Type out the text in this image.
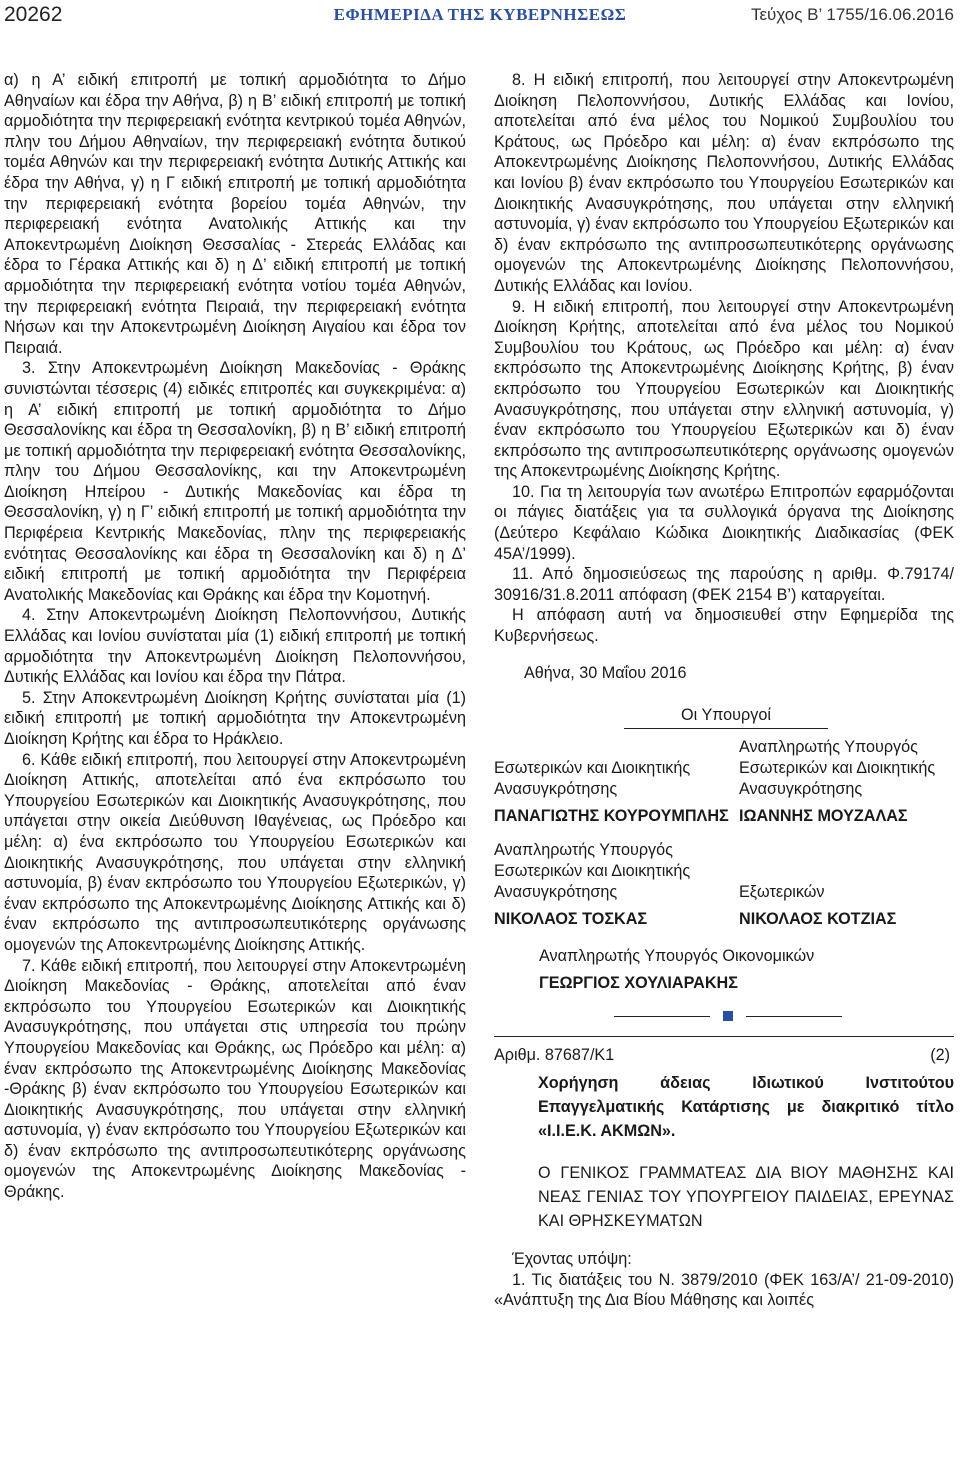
20262	ΕΦΗΜΕΡΙΔΑ ΤΗΣ ΚΥΒΕΡΝΗΣΕΩΣ	Τεύχος Β’ 1755/16.06.2016

α) η Α’ ειδική επιτροπή με τοπική αρμοδιότητα το Δήμο Αθηναίων και έδρα την Αθήνα, β) η Β’ ειδική επιτροπή με τοπική αρμοδιότητα την περιφερειακή ενότητα κεντρικού τομέα Αθηνών, πλην του Δήμου Αθηναίων, την περιφερειακή ενότητα δυτικού τομέα Αθηνών και την περιφερειακή ενότητα Δυτικής Αττικής και έδρα την Αθήνα, γ) η Γ ειδική επιτροπή με τοπική αρμοδιότητα την περιφερειακή ενότητα βορείου τομέα Αθηνών, την περιφερειακή ενότητα Ανατολικής Αττικής και την Αποκεντρωμένη Διοίκηση Θεσσαλίας - Στερεάς Ελλάδας και έδρα το Γέρακα Αττικής και δ) η Δ’ ειδική επιτροπή με τοπική αρμοδιότητα την περιφερειακή ενότητα νοτίου τομέα Αθηνών, την περιφερειακή ενότητα Πειραιά, την περιφερειακή ενότητα Νήσων και την Αποκεντρωμένη Διοίκηση Αιγαίου και έδρα τον Πειραιά.

3. Στην Αποκεντρωμένη Διοίκηση Μακεδονίας - Θράκης συνιστώνται τέσσερις (4) ειδικές επιτροπές και συγκεκριμένα: α) η Α’ ειδική επιτροπή με τοπική αρμοδιότητα το Δήμο Θεσσαλονίκης και έδρα τη Θεσσαλονίκη, β) η Β’ ειδική επιτροπή με τοπική αρμοδιότητα την περιφερειακή ενότητα Θεσσαλονίκης, πλην του Δήμου Θεσσαλονίκης, και την Αποκεντρωμένη Διοίκηση Ηπείρου - Δυτικής Μακεδονίας και έδρα τη Θεσσαλονίκη, γ) η Γ’ ειδική επιτροπή με τοπική αρμοδιότητα την Περιφέρεια Κεντρικής Μακεδονίας, πλην της περιφερειακής ενότητας Θεσσαλονίκης και έδρα τη Θεσσαλονίκη και δ) η Δ’ ειδική επιτροπή με τοπική αρμοδιότητα την Περιφέρεια Ανατολικής Μακεδονίας και Θράκης και έδρα την Κομοτηνή.

4. Στην Αποκεντρωμένη Διοίκηση Πελοποννήσου, Δυτικής Ελλάδας και Ιονίου συνίσταται μία (1) ειδική επιτροπή με τοπική αρμοδιότητα την Αποκεντρωμένη Διοίκηση Πελοποννήσου, Δυτικής Ελλάδας και Ιονίου και έδρα την Πάτρα.

5. Στην Αποκεντρωμένη Διοίκηση Κρήτης συνίσταται μία (1) ειδική επιτροπή με τοπική αρμοδιότητα την Αποκεντρωμένη Διοίκηση Κρήτης και έδρα το Ηράκλειο.

6. Κάθε ειδική επιτροπή, που λειτουργεί στην Αποκεντρωμένη Διοίκηση Αττικής, αποτελείται από ένα εκπρόσωπο του Υπουργείου Εσωτερικών και Διοικητικής Ανασυγκρότησης, που υπάγεται στην οικεία Διεύθυνση Ιθαγένειας, ως Πρόεδρο και μέλη: α) ένα εκπρόσωπο του Υπουργείου Εσωτερικών και Διοικητικής Ανασυγκρότησης, που υπάγεται στην ελληνική αστυνομία, β) έναν εκπρόσωπο του Υπουργείου Εξωτερικών, γ) έναν εκπρόσωπο της Αποκεντρωμένης Διοίκησης Αττικής και δ) έναν εκπρόσωπο της αντιπροσωπευτικότερης οργάνωσης ομογενών της Αποκεντρωμένης Διοίκησης Αττικής.

7. Κάθε ειδική επιτροπή, που λειτουργεί στην Αποκεντρωμένη Διοίκηση Μακεδονίας - Θράκης, αποτελείται από έναν εκπρόσωπο του Υπουργείου Εσωτερικών και Διοικητικής Ανασυγκρότησης, που υπάγεται στις υπηρεσία του πρώην Υπουργείου Μακεδονίας και Θράκης, ως Πρόεδρο και μέλη: α) έναν εκπρόσωπο της Αποκεντρωμένης Διοίκησης Μακεδονίας -Θράκης β) έναν εκπρόσωπο του Υπουργείου Εσωτερικών και Διοικητικής Ανασυγκρότησης, που υπάγεται στην ελληνική αστυνομία, γ) έναν εκπρόσωπο του Υπουργείου Εξωτερικών και δ) έναν εκπρόσωπο της αντιπροσωπευτικότερης οργάνωσης ομογενών της Αποκεντρωμένης Διοίκησης Μακεδονίας - Θράκης.

8. Η ειδική επιτροπή, που λειτουργεί στην Αποκεντρωμένη Διοίκηση Πελοποννήσου, Δυτικής Ελλάδας και Ιονίου, αποτελείται από ένα μέλος του Νομικού Συμβουλίου του Κράτους, ως Πρόεδρο και μέλη: α) έναν εκπρόσωπο της Αποκεντρωμένης Διοίκησης Πελοποννήσου, Δυτικής Ελλάδας και Ιονίου β) έναν εκπρόσωπο του Υπουργείου Εσωτερικών και Διοικητικής Ανασυγκρότησης, που υπάγεται στην ελληνική αστυνομία, γ) έναν εκπρόσωπο του Υπουργείου Εξωτερικών και δ) έναν εκπρόσωπο της αντιπροσωπευτικότερης οργάνωσης ομογενών της Αποκεντρωμένης Διοίκησης Πελοποννήσου, Δυτικής Ελλάδας και Ιονίου.

9. Η ειδική επιτροπή, που λειτουργεί στην Αποκεντρωμένη Διοίκηση Κρήτης, αποτελείται από ένα μέλος του Νομικού Συμβουλίου του Κράτους, ως Πρόεδρο και μέλη: α) έναν εκπρόσωπο της Αποκεντρωμένης Διοίκησης Κρήτης, β) έναν εκπρόσωπο του Υπουργείου Εσωτερικών και Διοικητικής Ανασυγκρότησης, που υπάγεται στην ελληνική αστυνομία, γ) έναν εκπρόσωπο του Υπουργείου Εξωτερικών και δ) έναν εκπρόσωπο της αντιπροσωπευτικότερης οργάνωσης ομογενών της Αποκεντρωμένης Διοίκησης Κρήτης.

10. Για τη λειτουργία των ανωτέρω Επιτροπών εφαρμόζονται οι πάγιες διατάξεις για τα συλλογικά όργανα της Διοίκησης (Δεύτερο Κεφάλαιο Κώδικα Διοικητικής Διαδικασίας (ΦΕΚ 45Α’/1999).

11. Από δημοσιεύσεως της παρούσης η αριθμ. Φ.79174/ 30916/31.8.2011 απόφαση (ΦΕΚ 2154 Β’) καταργείται.

Η απόφαση αυτή να δημοσιευθεί στην Εφημερίδα της Κυβερνήσεως.

Αθήνα, 30 Μαΐου 2016
Οι Υπουργοί
Εσωτερικών και Διοικητικής Ανασυγκρότησης
ΠΑΝΑΓΙΩΤΗΣ ΚΟΥΡΟΥΜΠΛΗΣ
Αναπληρωτής Υπουργός Εσωτερικών και Διοικητικής Ανασυγκρότησης
ΙΩΑΝΝΗΣ ΜΟΥΖΑΛΑΣ
Αναπληρωτής Υπουργός Εσωτερικών και Διοικητικής Ανασυγκρότησης
ΝΙΚΟΛΑΟΣ ΤΟΣΚΑΣ
Εξωτερικών
ΝΙΚΟΛΑΟΣ ΚΟΤΖΙΑΣ
Αναπληρωτής Υπουργός Οικονομικών
ΓΕΩΡΓΙΟΣ ΧΟΥΛΙΑΡΑΚΗΣ
Αριθμ. 87687/Κ1	(2)
Χορήγηση άδειας Ιδιωτικού Ινστιτούτου Επαγγελματικής Κατάρτισης με διακριτικό τίτλο «Ι.Ι.Ε.Κ. ΑΚΜΩΝ».
Ο ΓΕΝΙΚΟΣ ΓΡΑΜΜΑΤΕΑΣ ΔΙΑ ΒΙΟΥ ΜΑΘΗΣΗΣ ΚΑΙ ΝΕΑΣ ΓΕΝΙΑΣ ΤΟΥ ΥΠΟΥΡΓΕΙΟΥ ΠΑΙΔΕΙΑΣ, ΕΡΕΥΝΑΣ ΚΑΙ ΘΡΗΣΚΕΥΜΑΤΩΝ
Έχοντας υπόψη:

1. Τις διατάξεις του Ν. 3879/2010 (ΦΕΚ 163/Α’/ 21-09-2010) «Ανάπτυξη της Δια Βίου Μάθησης και λοιπές
